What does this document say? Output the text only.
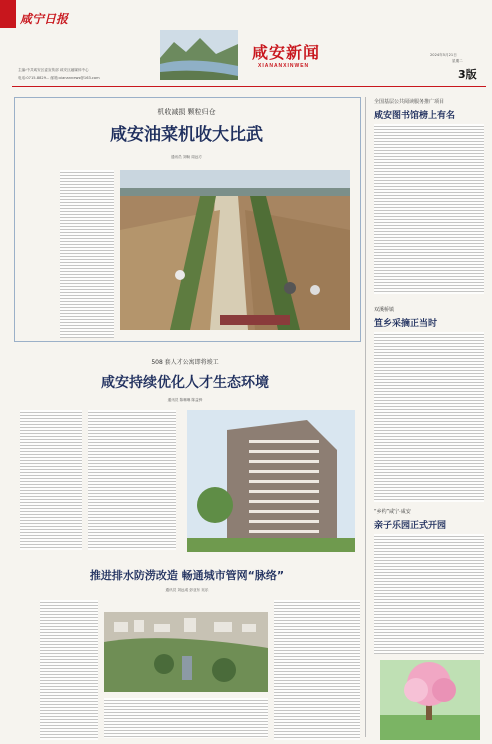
咸宁日报
主编:中共咸安区委宣传部 咸安区融媒体中心
电话:0715-8829... 邮箱:xianannews@163.com
咸安新闻
XIANANXINWEN
2024年5月21日
星期二
3版
机收减损 颗粒归仓
咸安油菜机收大比武
通讯员 刘畅 周远方
508 套人才公寓即将竣工
咸安持续优化人才生态环境
通讯员 陈琳琳 陈益骅
推进排水防涝改造 畅通城市管网“脉络”
通讯员 刘远成 彭亚东 吴乐
全国基层公共阅读服务推广项目
咸安图书馆榜上有名
双溪桥镇
笪乡采摘正当时
“乡约”咸宁·咸安
亲子乐园正式开园
